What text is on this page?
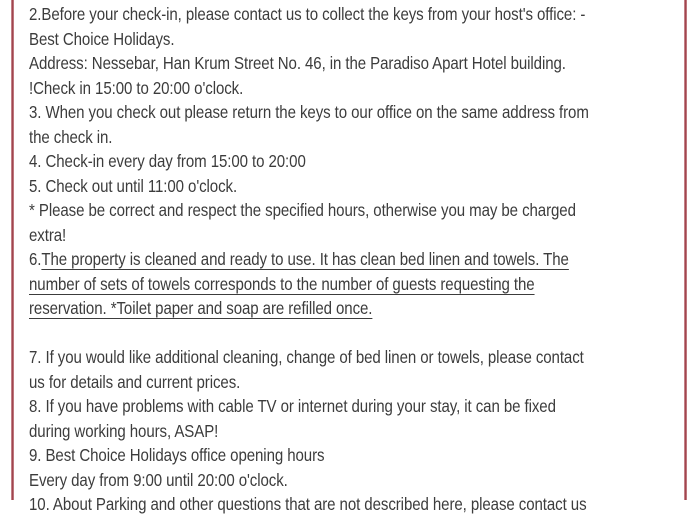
2.Before your check-in, please contact us to collect the keys from your host's office: -
Best Choice Holidays.
Address: Nessebar, Han Krum Street No. 46, in the Paradiso Apart Hotel building.
!Check in 15:00 to 20:00 o'clock.
3. When you check out please return the keys to our office on the same address from
the check in.
4. Check-in every day from 15:00 to 20:00
5. Check out until 11:00 o'clock.
* Please be correct and respect the specified hours, otherwise you may be charged
extra!
6.The property is cleaned and ready to use. It has clean bed linen and towels. The
number of sets of towels corresponds to the number of guests requesting the
reservation. *Toilet paper and soap are refilled once.
7. If you would like additional cleaning, change of bed linen or towels, please contact
us for details and current prices.
8. If you have problems with cable TV or internet during your stay, it can be fixed
during working hours, ASAP!
9. Best Choice Holidays office opening hours
Every day from 9:00 until 20:00 o'clock.
10. About Parking and other questions that are not described here, please contact us
